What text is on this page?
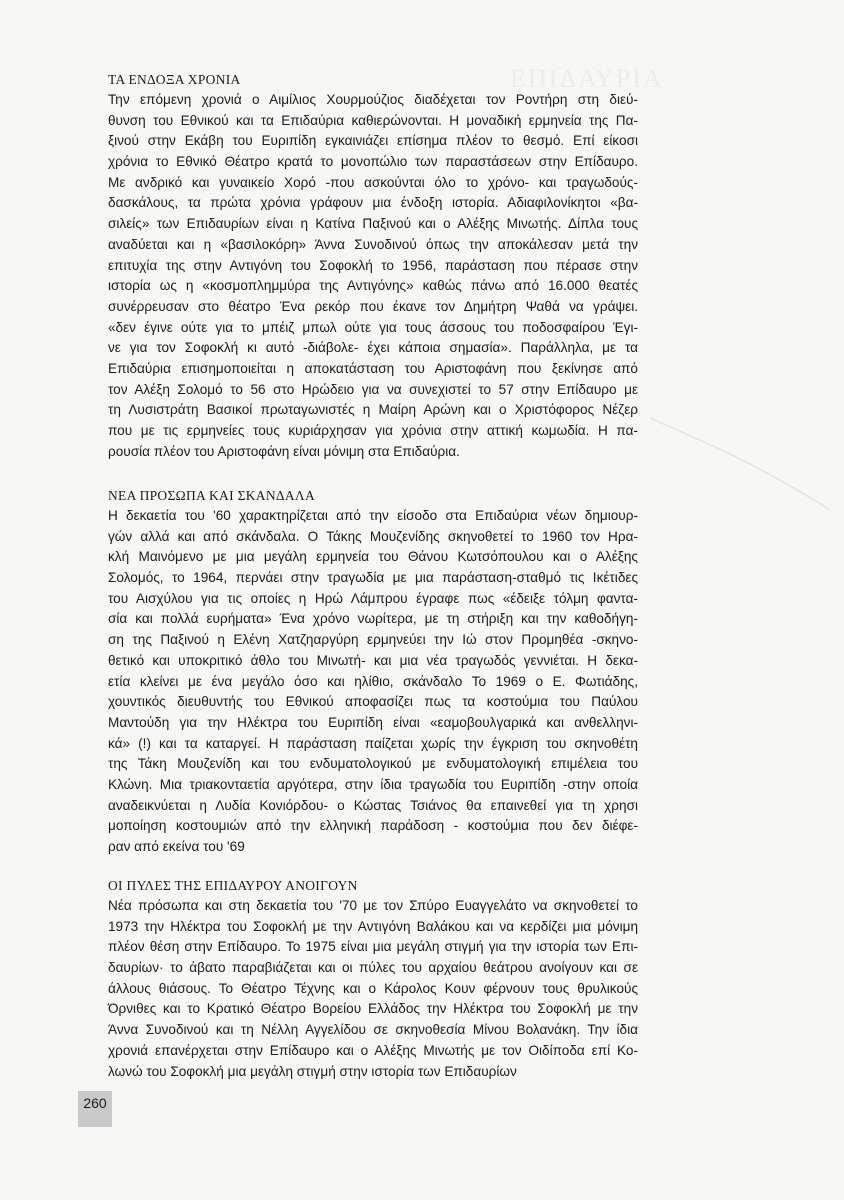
ΕΠΙΔΑΥΡΙΑ
ΤΑ ΕΝΔΟΞΑ ΧΡΟΝΙΑ
Την επόμενη χρονιά ο Αιμίλιος Χουρμούζιος διαδέχεται τον Ροντήρη στη διεύ-
θυνση του Εθνικού και τα Επιδαύρια καθιερώνονται. Η μοναδική ερμηνεία της Πα-
ξινού στην Εκάβη του Ευριπίδη εγκαινιάζει επίσημα πλέον το θεσμό. Επί είκοσι
χρόνια το Εθνικό Θέατρο κρατά το μονοπώλιο των παραστάσεων στην Επίδαυρο.
Με ανδρικό και γυναικείο Χορό -που ασκούνται όλο το χρόνο- και τραγωδούς-
δασκάλους, τα πρώτα χρόνια γράφουν μια ένδοξη ιστορία. Αδιαφιλονίκητοι «βα-
σιλείς» των Επιδαυρίων είναι η Κατίνα Παξινού και ο Αλέξης Μινωτής. Δίπλα τους
αναδύεται και η «βασιλοκόρη» Άννα Συνοδινού όπως την αποκάλεσαν μετά την
επιτυχία της στην Αντιγόνη του Σοφοκλή το 1956, παράσταση που πέρασε στην
ιστορία ως η «κοσμοπλημμύρα της Αντιγόνης» καθώς πάνω από 16.000 θεατές
συνέρρευσαν στο θέατρο Ένα ρεκόρ που έκανε τον Δημήτρη Ψαθά να γράψει.
«δεν έγινε ούτε για το μπέιζ μπωλ ούτε για τους άσσους του ποδοσφαίρου Έγι-
νε για τον Σοφοκλή κι αυτό -διάβολε- έχει κάποια σημασία». Παράλληλα, με τα
Επιδαύρια επισημοποιείται η αποκατάσταση του Αριστοφάνη που ξεκίνησε από
τον Αλέξη Σολομό το 56 στο Ηρώδειο για να συνεχιστεί το 57 στην Επίδαυρο με
τη Λυσιστράτη Βασικοί πρωταγωνιστές η Μαίρη Αρώνη και ο Χριστόφορος Νέζερ
που με τις ερμηνείες τους κυριάρχησαν για χρόνια στην αττική κωμωδία. Η πα-
ρουσία πλέον του Αριστοφάνη είναι μόνιμη στα Επιδαύρια.
ΝΕΑ ΠΡΟΣΩΠΑ ΚΑΙ ΣΚΑΝΔΑΛΑ
Η δεκαετία του '60 χαρακτηρίζεται από την είσοδο στα Επιδαύρια νέων δημιουρ-
γών αλλά και από σκάνδαλα. Ο Τάκης Μουζενίδης σκηνοθετεί το 1960 τον Ηρα-
κλή Μαινόμενο με μια μεγάλη ερμηνεία του Θάνου Κωτσόπουλου και ο Αλέξης
Σολομός, το 1964, περνάει στην τραγωδία με μια παράσταση-σταθμό τις Ικέτιδες
του Αισχύλου για τις οποίες η Ηρώ Λάμπρου έγραφε πως «έδειξε τόλμη φαντα-
σία και πολλά ευρήματα» Ένα χρόνο νωρίτερα, με τη στήριξη και την καθοδήγη-
ση της Παξινού η Ελένη Χατζηαργύρη ερμηνεύει την Ιώ στον Προμηθέα -σκηνο-
θετικό και υποκριτικό άθλο του Μινωτή- και μια νέα τραγωδός γεννιέται. Η δεκα-
ετία κλείνει με ένα μεγάλο όσο και ηλίθιο, σκάνδαλο Το 1969 ο Ε. Φωτιάδης,
χουντικός διευθυντής του Εθνικού αποφασίζει πως τα κοστούμια του Παύλου
Μαντούδη για την Ηλέκτρα του Ευριπίδη είναι «εαμοβουλγαρικά και ανθελληνι-
κά» (!) και τα καταργεί. Η παράσταση παίζεται χωρίς την έγκριση του σκηνοθέτη
της Τάκη Μουζενίδη και του ενδυματολογικού με ενδυματολογική επιμέλεια του
Κλώνη. Μια τριακονταετία αργότερα, στην ίδια τραγωδία του Ευριπίδη -στην οποία
αναδεικνύεται η Λυδία Κονιόρδου- ο Κώστας Τσιάνος θα επαινεθεί για τη χρησι
μοποίηση κοστουμιών από την ελληνική παράδοση - κοστούμια που δεν διέφε-
ραν από εκείνα του '69
ΟΙ ΠΥΛΕΣ ΤΗΣ ΕΠΙΔΑΥΡΟΥ ΑΝΟΙΓΟΥΝ
Νέα πρόσωπα και στη δεκαετία του '70 με τον Σπύρο Ευαγγελάτο να σκηνοθετεί το
1973 την Ηλέκτρα του Σοφοκλή με την Αντιγόνη Βαλάκου και να κερδίζει μια μόνιμη
πλέον θέση στην Επίδαυρο. Το 1975 είναι μια μεγάλη στιγμή για την ιστορία των Επι-
δαυρίων· το άβατο παραβιάζεται και οι πύλες του αρχαίου θεάτρου ανοίγουν και σε
άλλους θιάσους. Το Θέατρο Τέχνης και ο Κάρολος Κουν φέρνουν τους θρυλικούς
Όρνιθες και το Κρατικό Θέατρο Βορείου Ελλάδος την Ηλέκτρα του Σοφοκλή με την
Άννα Συνοδινού και τη Νέλλη Αγγελίδου σε σκηνοθεσία Μίνου Βολανάκη. Την ίδια
χρονιά επανέρχεται στην Επίδαυρο και ο Αλέξης Μινωτής με τον Οιδίποδα επί Κο-
λωνώ του Σοφοκλή μια μεγάλη στιγμή στην ιστορία των Επιδαυρίων
260
